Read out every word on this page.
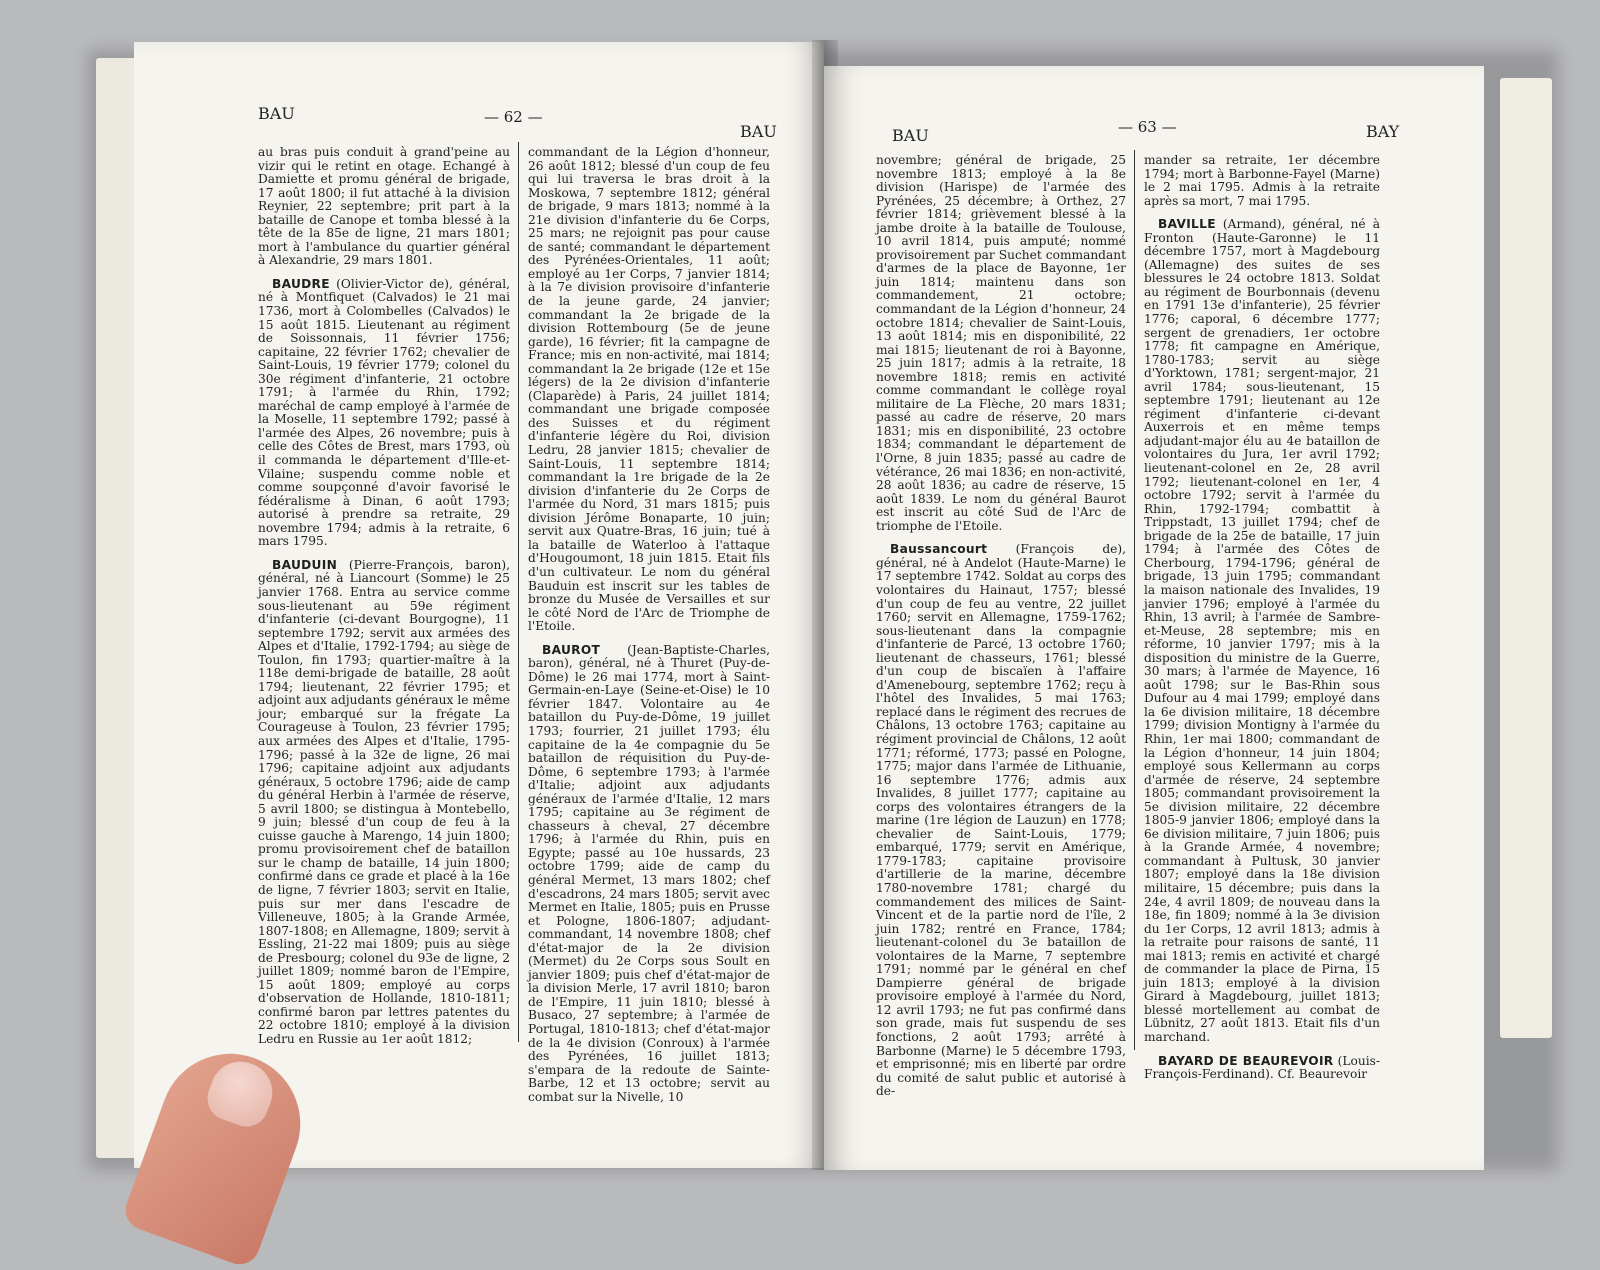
BAU	— 62 —
BAU

au bras puis conduit à grand'peine au vizir qui le retint en otage. Echangé à Damiette et promu général de brigade, 17 août 1800; il fut attaché à la division Reynier, 22 septembre; prit part à la bataille de Canope et tomba blessé à la tête de la 85e de ligne, 21 mars 1801; mort à l'ambulance du quartier général à Alexandrie, 29 mars 1801.

BAUDRE (Olivier-Victor de), général, né à Montfiquet (Calvados) le 21 mai 1736, mort à Colombelles (Calvados) le 15 août 1815. Lieutenant au régiment de Soissonnais, 11 février 1756; capitaine, 22 février 1762; chevalier de Saint-Louis, 19 février 1779; colonel du 30e régiment d'infanterie, 21 octobre 1791; à l'armée du Rhin, 1792; maréchal de camp employé à l'armée de la Moselle, 11 septembre 1792; passé à l'armée des Alpes, 26 novembre; puis à celle des Côtes de Brest, mars 1793, où il commanda le département d'Ille-et-Vilaine; suspendu comme noble et comme soupçonné d'avoir favorisé le fédéralisme à Dinan, 6 août 1793; autorisé à prendre sa retraite, 29 novembre 1794; admis à la retraite, 6 mars 1795.

BAUDUIN (Pierre-François, baron), général, né à Liancourt (Somme) le 25 janvier 1768. Entra au service comme sous-lieutenant au 59e régiment d'infanterie (ci-devant Bourgogne), 11 septembre 1792; servit aux armées des Alpes et d'Italie, 1792-1794; au siège de Toulon, fin 1793; quartier-maître à la 118e demi-brigade de bataille, 28 août 1794; lieutenant, 22 février 1795; et adjoint aux adjudants généraux le même jour; embarqué sur la frégate La Courageuse à Toulon, 23 février 1795; aux armées des Alpes et d'Italie, 1795-1796; passé à la 32e de ligne, 26 mai 1796; capitaine adjoint aux adjudants généraux, 5 octobre 1796; aide de camp du général Herbin à l'armée de réserve, 5 avril 1800; se distingua à Montebello, 9 juin; blessé d'un coup de feu à la cuisse gauche à Marengo, 14 juin 1800; promu provisoirement chef de bataillon sur le champ de bataille, 14 juin 1800; confirmé dans ce grade et placé à la 16e de ligne, 7 février 1803; servit en Italie, puis sur mer dans l'escadre de Villeneuve, 1805; à la Grande Armée, 1807-1808; en Allemagne, 1809; servit à Essling, 21-22 mai 1809; puis au siège de Presbourg; colonel du 93e de ligne, 2 juillet 1809; nommé baron de l'Empire, 15 août 1809; employé au corps d'observation de Hollande, 1810-1811; confirmé baron par lettres patentes du 22 octobre 1810; employé à la division Ledru en Russie au 1er août 1812;

commandant de la Légion d'honneur, 26 août 1812; blessé d'un coup de feu qui lui traversa le bras droit à la Moskowa, 7 septembre 1812; général de brigade, 9 mars 1813; nommé à la 21e division d'infanterie du 6e Corps, 25 mars; ne rejoignit pas pour cause de santé; commandant le département des Pyrénées-Orientales, 11 août; employé au 1er Corps, 7 janvier 1814; à la 7e division provisoire d'infanterie de la jeune garde, 24 janvier; commandant la 2e brigade de la division Rottembourg (5e de jeune garde), 16 février; fit la campagne de France; mis en non-activité, mai 1814; commandant la 2e brigade (12e et 15e légers) de la 2e division d'infanterie (Claparède) à Paris, 24 juillet 1814; commandant une brigade composée des Suisses et du régiment d'infanterie légère du Roi, division Ledru, 28 janvier 1815; chevalier de Saint-Louis, 11 septembre 1814; commandant la 1re brigade de la 2e division d'infanterie du 2e Corps de l'armée du Nord, 31 mars 1815; puis division Jérôme Bonaparte, 10 juin; servit aux Quatre-Bras, 16 juin; tué à la bataille de Waterloo à l'attaque d'Hougoumont, 18 juin 1815. Etait fils d'un cultivateur. Le nom du général Bauduin est inscrit sur les tables de bronze du Musée de Versailles et sur le côté Nord de l'Arc de Triomphe de l'Etoile.

BAUROT (Jean-Baptiste-Charles, baron), général, né à Thuret (Puy-de-Dôme) le 26 mai 1774, mort à Saint-Germain-en-Laye (Seine-et-Oise) le 10 février 1847. Volontaire au 4e bataillon du Puy-de-Dôme, 19 juillet 1793; fourrier, 21 juillet 1793; élu capitaine de la 4e compagnie du 5e bataillon de réquisition du Puy-de-Dôme, 6 septembre 1793; à l'armée d'Italie; adjoint aux adjudants généraux de l'armée d'Italie, 12 mars 1795; capitaine au 3e régiment de chasseurs à cheval, 27 décembre 1796; à l'armée du Rhin, puis en Egypte; passé au 10e hussards, 23 octobre 1799; aide de camp du général Mermet, 13 mars 1802; chef d'escadrons, 24 mars 1805; servit avec Mermet en Italie, 1805; puis en Prusse et Pologne, 1806-1807; adjudant-commandant, 14 novembre 1808; chef d'état-major de la 2e division (Mermet) du 2e Corps sous Soult en janvier 1809; puis chef d'état-major de la division Merle, 17 avril 1810; baron de l'Empire, 11 juin 1810; blessé à Busaco, 27 septembre; à l'armée de Portugal, 1810-1813; chef d'état-major de la 4e division (Conroux) à l'armée des Pyrénées, 16 juillet 1813; s'empara de la redoute de Sainte-Barbe, 12 et 13 octobre; servit au combat sur la Nivelle, 10

BAU	— 63 —	BAY

novembre; général de brigade, 25 novembre 1813; employé à la 8e division (Harispe) de l'armée des Pyrénées, 25 décembre; à Orthez, 27 février 1814; grièvement blessé à la jambe droite à la bataille de Toulouse, 10 avril 1814, puis amputé; nommé provisoirement par Suchet commandant d'armes de la place de Bayonne, 1er juin 1814; maintenu dans son commandement, 21 octobre; commandant de la Légion d'honneur, 24 octobre 1814; chevalier de Saint-Louis, 13 août 1814; mis en disponibilité, 22 mai 1815; lieutenant de roi à Bayonne, 25 juin 1817; admis à la retraite, 18 novembre 1818; remis en activité comme commandant le collège royal militaire de La Flèche, 20 mars 1831; passé au cadre de réserve, 20 mars 1831; mis en disponibilité, 23 octobre 1834; commandant le département de l'Orne, 8 juin 1835; passé au cadre de vétérance, 26 mai 1836; en non-activité, 28 août 1836; au cadre de réserve, 15 août 1839. Le nom du général Baurot est inscrit au côté Sud de l'Arc de triomphe de l'Etoile.

Baussancourt (François de), général, né à Andelot (Haute-Marne) le 17 septembre 1742. Soldat au corps des volontaires du Hainaut, 1757; blessé d'un coup de feu au ventre, 22 juillet 1760; servit en Allemagne, 1759-1762; sous-lieutenant dans la compagnie d'infanterie de Parcé, 13 octobre 1760; lieutenant de chasseurs, 1761; blessé d'un coup de biscaïen à l'affaire d'Amenebourg, septembre 1762; reçu à l'hôtel des Invalides, 5 mai 1763; replacé dans le régiment des recrues de Châlons, 13 octobre 1763; capitaine au régiment provincial de Châlons, 12 août 1771; réformé, 1773; passé en Pologne, 1775; major dans l'armée de Lithuanie, 16 septembre 1776; admis aux Invalides, 8 juillet 1777; capitaine au corps des volontaires étrangers de la marine (1re légion de Lauzun) en 1778; chevalier de Saint-Louis, 1779; embarqué, 1779; servit en Amérique, 1779-1783; capitaine provisoire d'artillerie de la marine, décembre 1780-novembre 1781; chargé du commandement des milices de Saint-Vincent et de la partie nord de l'île, 2 juin 1782; rentré en France, 1784; lieutenant-colonel du 3e bataillon de volontaires de la Marne, 7 septembre 1791; nommé par le général en chef Dampierre général de brigade provisoire employé à l'armée du Nord, 12 avril 1793; ne fut pas confirmé dans son grade, mais fut suspendu de ses fonctions, 2 août 1793; arrêté à Barbonne (Marne) le 5 décembre 1793, et emprisonné; mis en liberté par ordre du comité de salut public et autorisé à de-

mander sa retraite, 1er décembre 1794; mort à Barbonne-Fayel (Marne) le 2 mai 1795. Admis à la retraite après sa mort, 7 mai 1795.

BAVILLE (Armand), général, né à Fronton (Haute-Garonne) le 11 décembre 1757, mort à Magdebourg (Allemagne) des suites de ses blessures le 24 octobre 1813. Soldat au régiment de Bourbonnais (devenu en 1791 13e d'infanterie), 25 février 1776; caporal, 6 décembre 1777; sergent de grenadiers, 1er octobre 1778; fit campagne en Amérique, 1780-1783; servit au siège d'Yorktown, 1781; sergent-major, 21 avril 1784; sous-lieutenant, 15 septembre 1791; lieutenant au 12e régiment d'infanterie ci-devant Auxerrois et en même temps adjudant-major élu au 4e bataillon de volontaires du Jura, 1er avril 1792; lieutenant-colonel en 2e, 28 avril 1792; lieutenant-colonel en 1er, 4 octobre 1792; servit à l'armée du Rhin, 1792-1794; combattit à Trippstadt, 13 juillet 1794; chef de brigade de la 25e de bataille, 17 juin 1794; à l'armée des Côtes de Cherbourg, 1794-1796; général de brigade, 13 juin 1795; commandant la maison nationale des Invalides, 19 janvier 1796; employé à l'armée du Rhin, 13 avril; à l'armée de Sambre-et-Meuse, 28 septembre; mis en réforme, 10 janvier 1797; mis à la disposition du ministre de la Guerre, 30 mars; à l'armée de Mayence, 16 août 1798; sur le Bas-Rhin sous Dufour au 4 mai 1799; employé dans la 6e division militaire, 18 décembre 1799; division Montigny à l'armée du Rhin, 1er mai 1800; commandant de la Légion d'honneur, 14 juin 1804; employé sous Kellermann au corps d'armée de réserve, 24 septembre 1805; commandant provisoirement la 5e division militaire, 22 décembre 1805-9 janvier 1806; employé dans la 6e division militaire, 7 juin 1806; puis à la Grande Armée, 4 novembre; commandant à Pultusk, 30 janvier 1807; employé dans la 18e division militaire, 15 décembre; puis dans la 24e, 4 avril 1809; de nouveau dans la 18e, fin 1809; nommé à la 3e division du 1er Corps, 12 avril 1813; admis à la retraite pour raisons de santé, 11 mai 1813; remis en activité et chargé de commander la place de Pirna, 15 juin 1813; employé à la division Girard à Magdebourg, juillet 1813; blessé mortellement au combat de Lübnitz, 27 août 1813. Etait fils d'un marchand.

BAYARD DE BEAUREVOIR (Louis-François-Ferdinand). Cf. Beaurevoir
